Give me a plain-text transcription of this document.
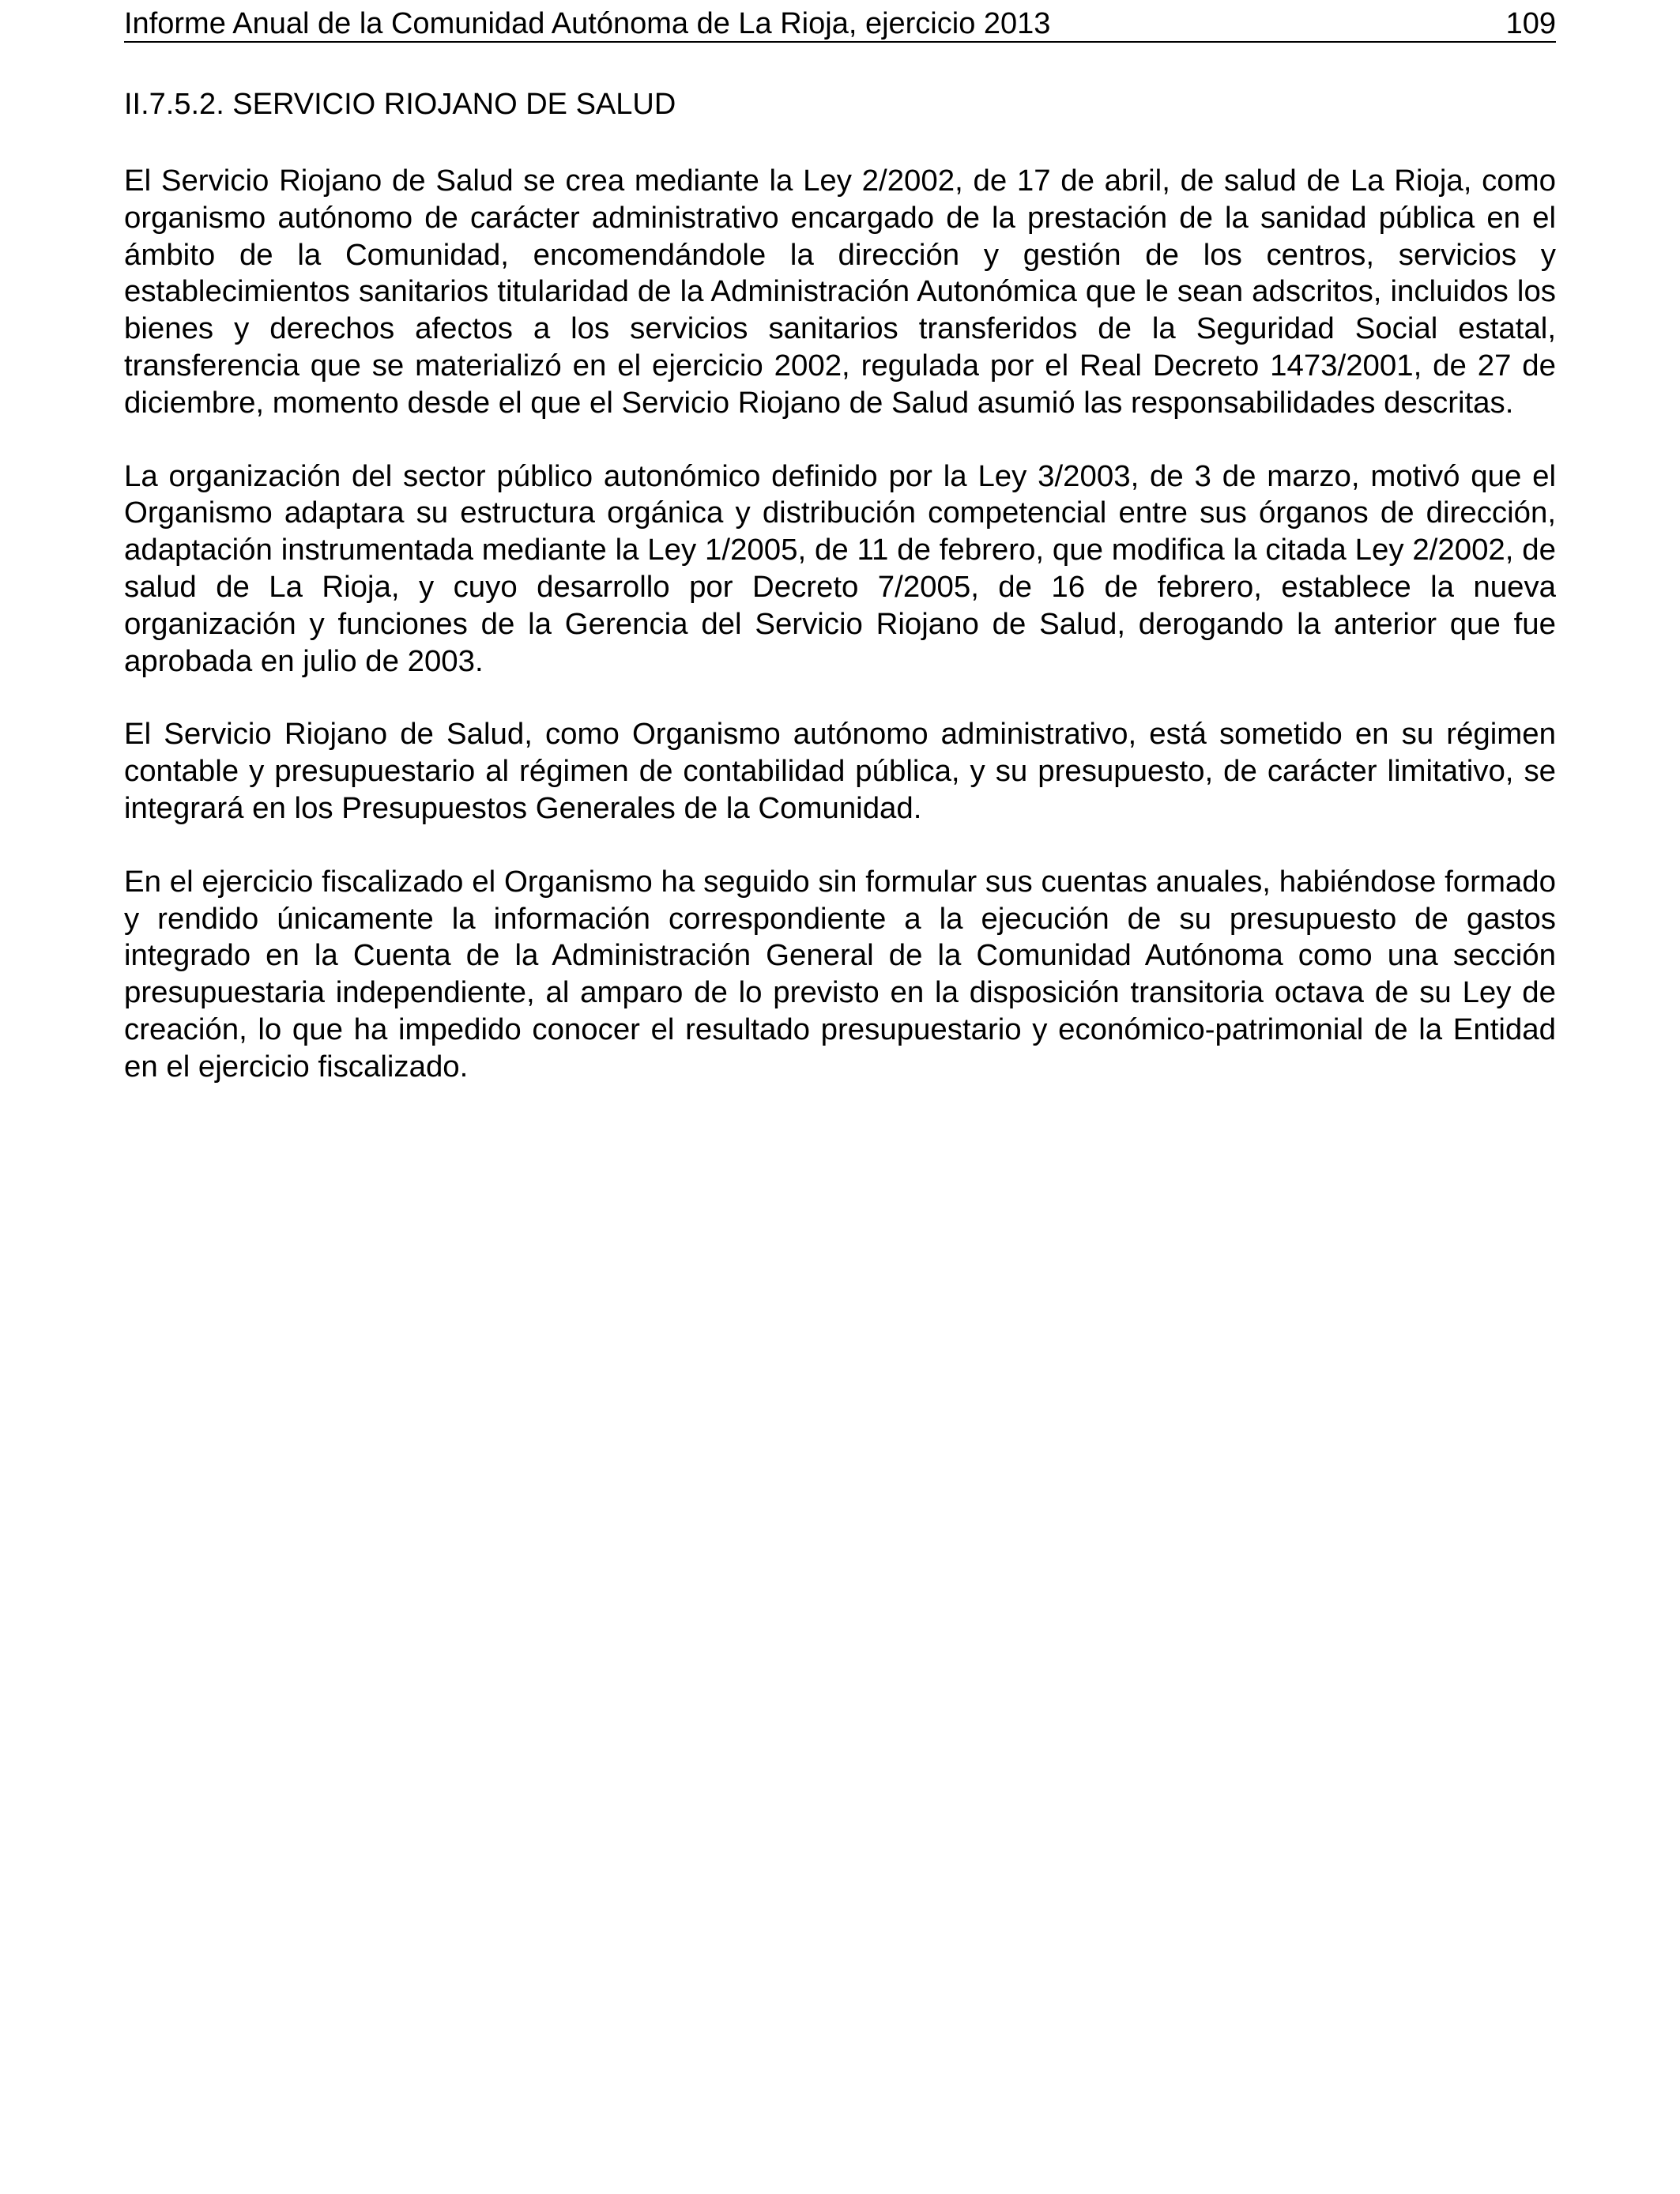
Informe Anual de la Comunidad Autónoma de La Rioja, ejercicio 2013	109
II.7.5.2. SERVICIO RIOJANO DE SALUD

El Servicio Riojano de Salud se crea mediante la Ley 2/2002, de 17 de abril, de salud de La Rioja, como organismo autónomo de carácter administrativo encargado de la prestación de la sanidad pública en el ámbito de la Comunidad, encomendándole la dirección y gestión de los centros, servicios y establecimientos sanitarios titularidad de la Administración Autonómica que le sean adscritos, incluidos los bienes y derechos afectos a los servicios sanitarios transferidos de la Seguridad Social estatal, transferencia que se materializó en el ejercicio 2002, regulada por el Real Decreto 1473/2001, de 27 de diciembre, momento desde el que el Servicio Riojano de Salud asumió las responsabilidades descritas.

La organización del sector público autonómico definido por la Ley 3/2003, de 3 de marzo, motivó que el Organismo adaptara su estructura orgánica y distribución competencial entre sus órganos de dirección, adaptación instrumentada mediante la Ley 1/2005, de 11 de febrero, que modifica la citada Ley 2/2002, de salud de La Rioja, y cuyo desarrollo por Decreto 7/2005, de 16 de febrero, establece la nueva organización y funciones de la Gerencia del Servicio Riojano de Salud, derogando la anterior que fue aprobada en julio de 2003.

El Servicio Riojano de Salud, como Organismo autónomo administrativo, está sometido en su régimen contable y presupuestario al régimen de contabilidad pública, y su presupuesto, de carácter limitativo, se integrará en los Presupuestos Generales de la Comunidad.

En el ejercicio fiscalizado el Organismo ha seguido sin formular sus cuentas anuales, habiéndose formado y rendido únicamente la información correspondiente a la ejecución de su presupuesto de gastos integrado en la Cuenta de la Administración General de la Comunidad Autónoma como una sección presupuestaria independiente, al amparo de lo previsto en la disposición transitoria octava de su Ley de creación, lo que ha impedido conocer el resultado presupuestario y económico-patrimonial de la Entidad en el ejercicio fiscalizado.
